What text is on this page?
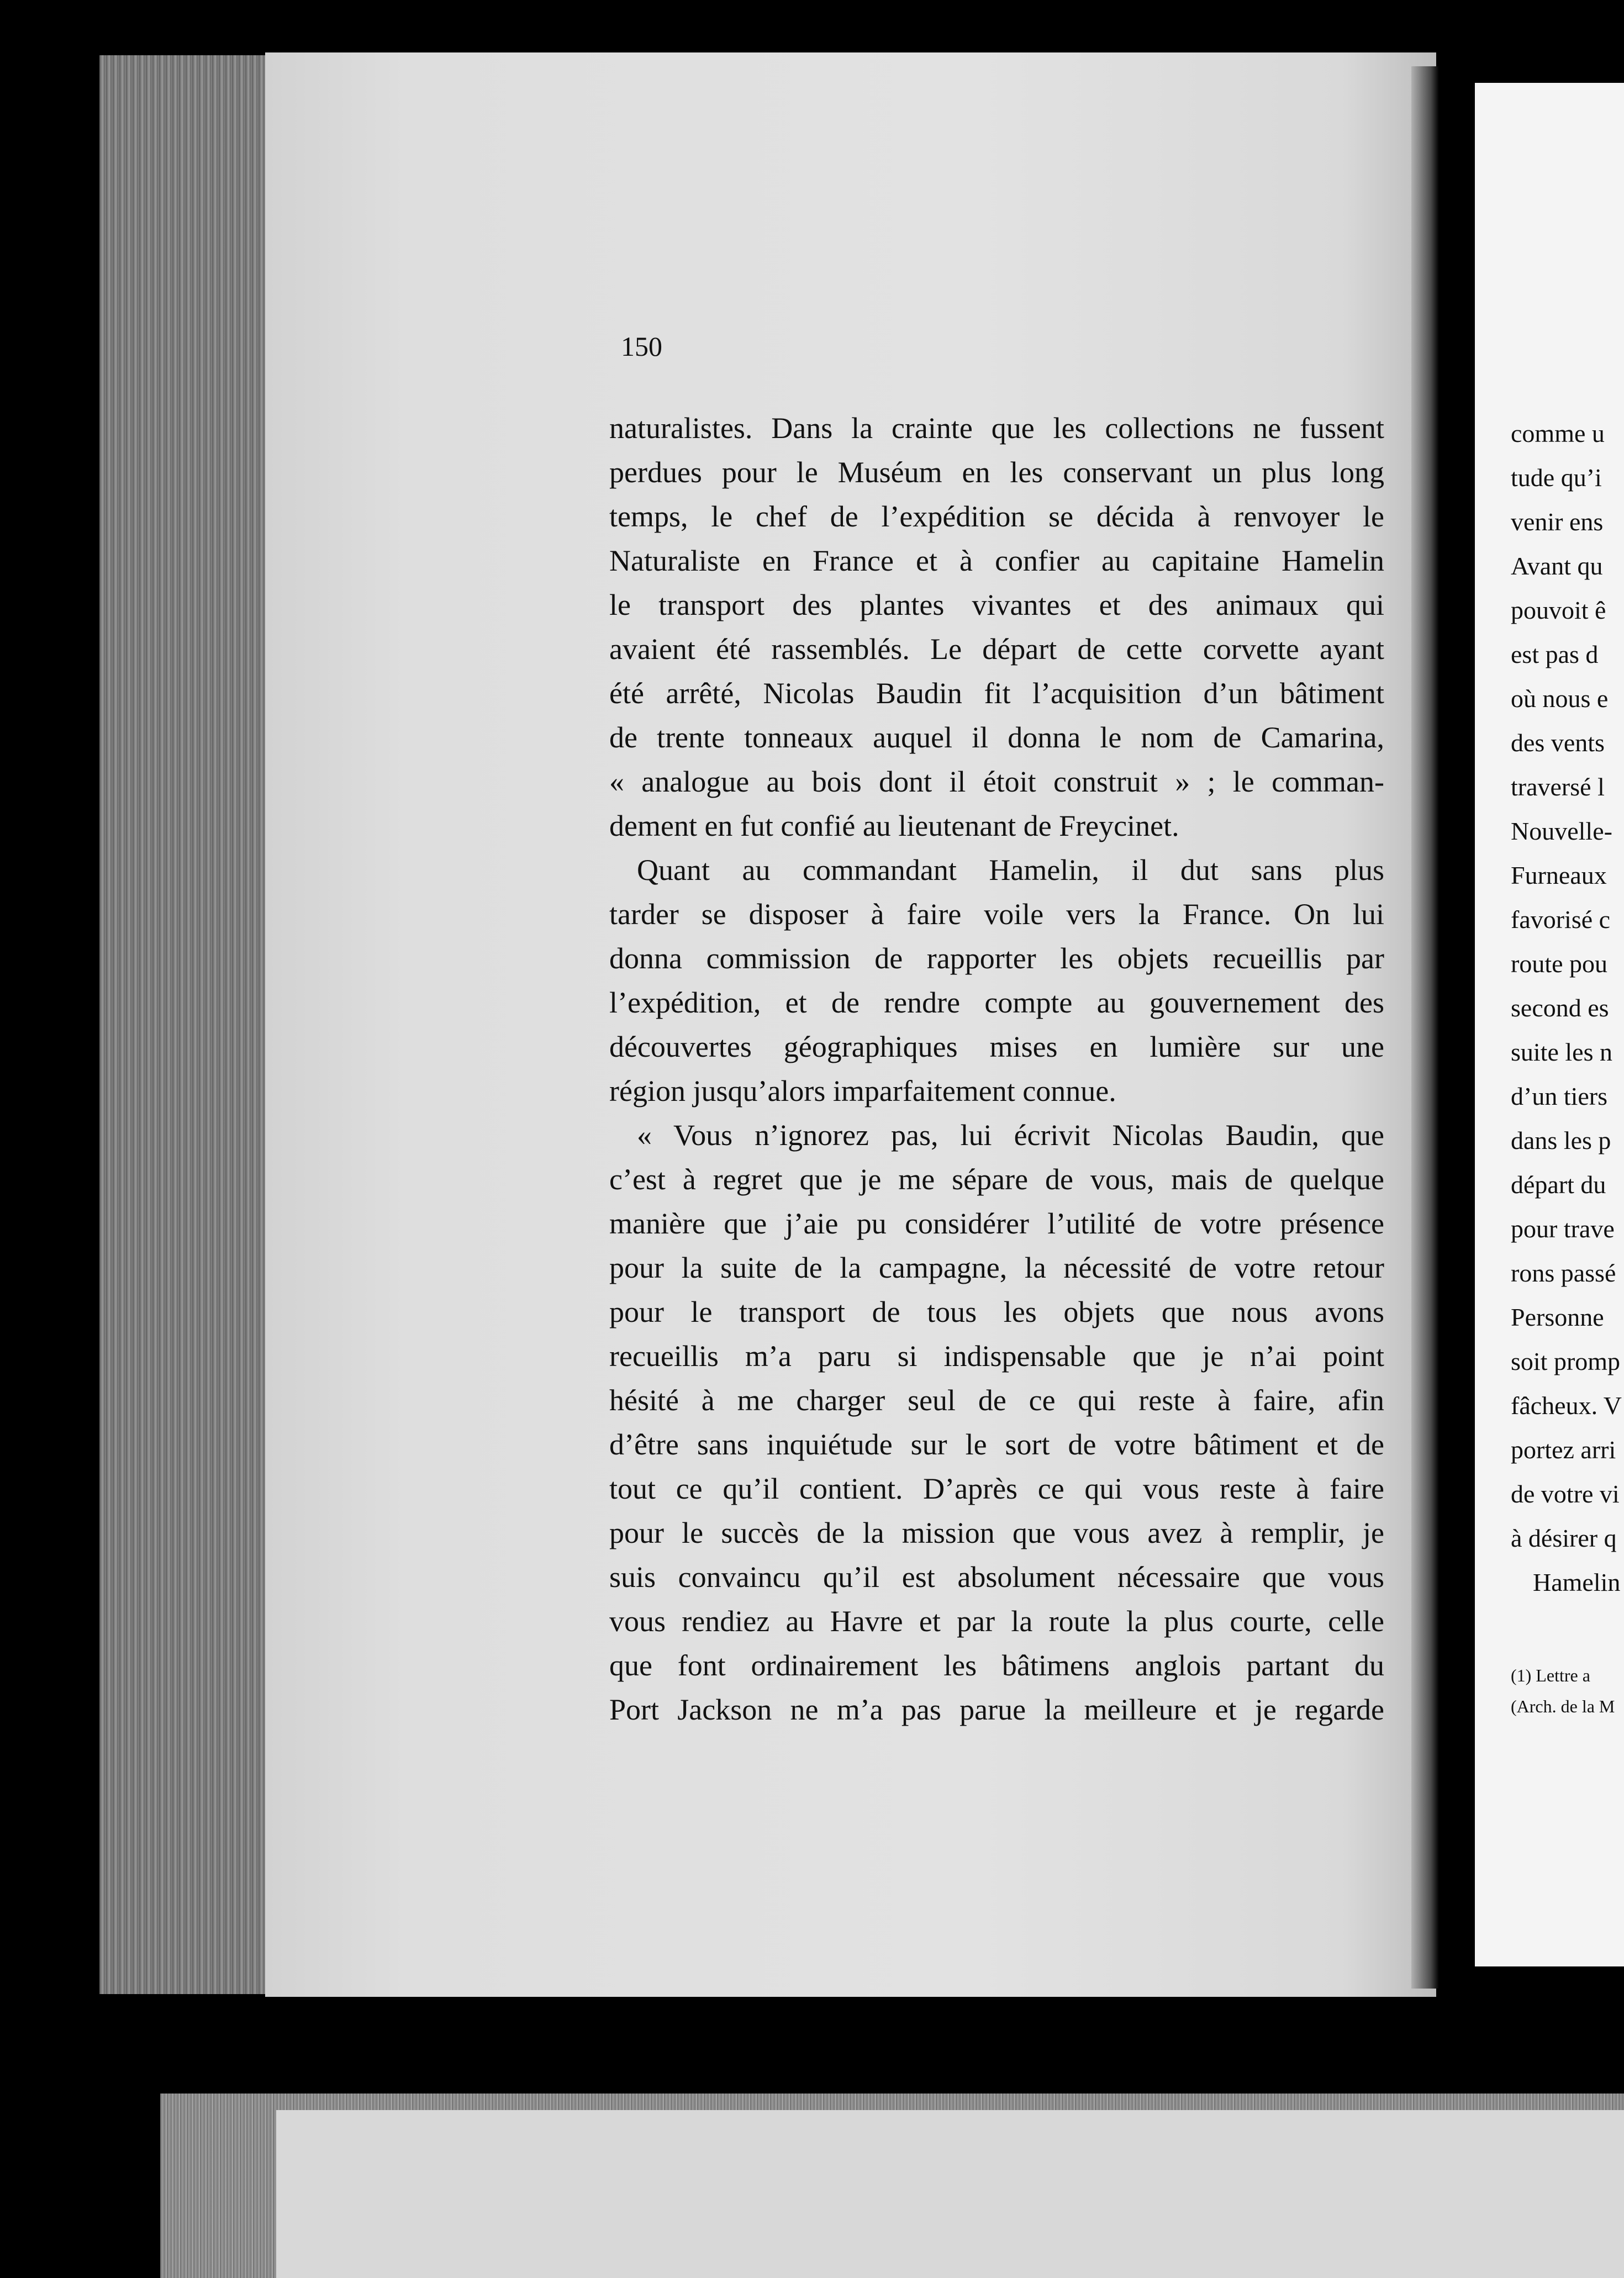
150
naturalistes. Dans la crainte que les collections ne fussent
perdues pour le Muséum en les conservant un plus long
temps, le chef de l’expédition se décida à renvoyer le
Naturaliste en France et à confier au capitaine Hamelin
le transport des plantes vivantes et des animaux qui
avaient été rassemblés. Le départ de cette corvette ayant
été arrêté, Nicolas Baudin fit l’acquisition d’un bâtiment
de trente tonneaux auquel il donna le nom de Camarina,
« analogue au bois dont il étoit construit » ; le comman-
dement en fut confié au lieutenant de Freycinet.
Quant au commandant Hamelin, il dut sans plus
tarder se disposer à faire voile vers la France. On lui
donna commission de rapporter les objets recueillis par
l’expédition, et de rendre compte au gouvernement des
découvertes géographiques mises en lumière sur une
région jusqu’alors imparfaitement connue.
« Vous n’ignorez pas, lui écrivit Nicolas Baudin, que
c’est à regret que je me sépare de vous, mais de quelque
manière que j’aie pu considérer l’utilité de votre présence
pour la suite de la campagne, la nécessité de votre retour
pour le transport de tous les objets que nous avons
recueillis m’a paru si indispensable que je n’ai point
hésité à me charger seul de ce qui reste à faire, afin
d’être sans inquiétude sur le sort de votre bâtiment et de
tout ce qu’il contient. D’après ce qui vous reste à faire
pour le succès de la mission que vous avez à remplir, je
suis convaincu qu’il est absolument nécessaire que vous
vous rendiez au Havre et par la route la plus courte, celle
que font ordinairement les bâtimens anglois partant du
Port Jackson ne m’a pas parue la meilleure et je regarde
comme u
tude qu’i
venir ens
Avant qu
pouvoit ê
est pas d
où nous e
des vents
traversé l
Nouvelle-
Furneaux
favorisé c
route pou
second es
suite les n
d’un tiers
dans les p
départ du
pour trave
rons passé
Personne
soit promp
fâcheux. V
portez arri
de votre vi
à désirer q
Hamelin
(1) Lettre a
(Arch. de la M
